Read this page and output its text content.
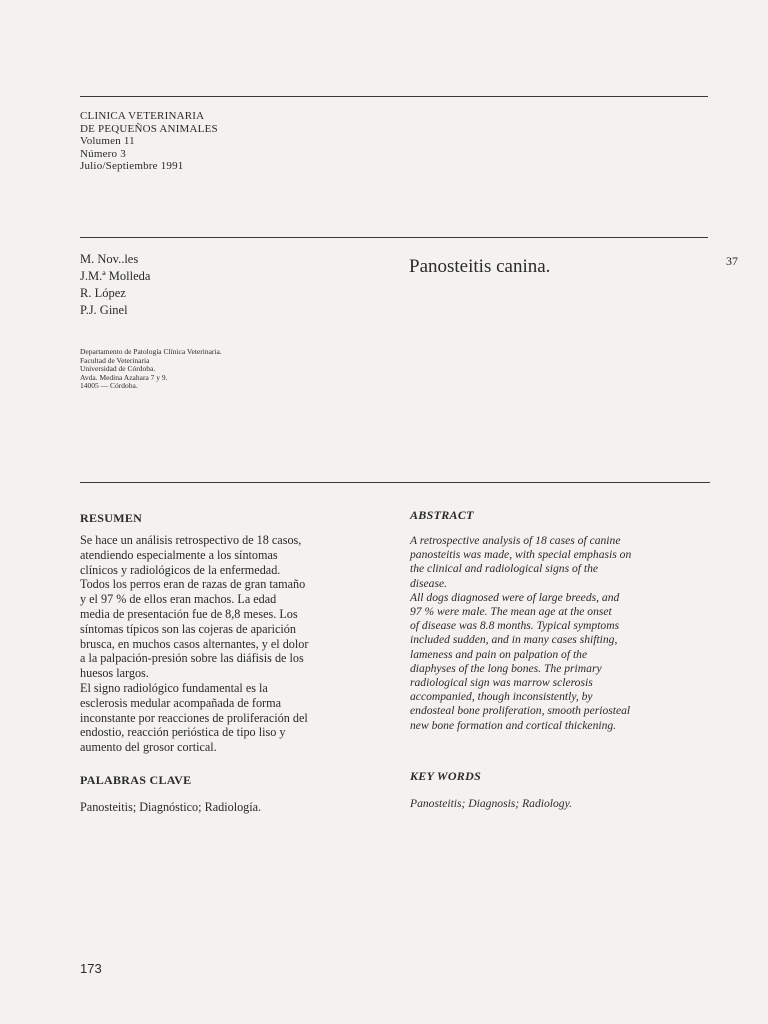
CLINICA VETERINARIA
DE PEQUEÑOS ANIMALES
Volumen 11
Número 3
Julio/Septiembre 1991
M. Nov..les
J.M.ª Molleda
R. López
P.J. Ginel
Panosteitis canina.	37
Departamento de Patología Clínica Veterinaria.
Facultad de Veterinaria
Universidad de Córdoba.
Avda. Medina Azahara 7 y 9.
14005 — Córdoba.
RESUMEN
Se hace un análisis retrospectivo de 18 casos,
atendiendo especialmente a los síntomas
clínicos y radiológicos de la enfermedad.
Todos los perros eran de razas de gran tamaño
y el 97 % de ellos eran machos. La edad
media de presentación fue de 8,8 meses. Los
síntomas típicos son las cojeras de aparición
brusca, en muchos casos alternantes, y el dolor
a la palpación-presión sobre las diáfisis de los
huesos largos.
El signo radiológico fundamental es la
esclerosis medular acompañada de forma
inconstante por reacciones de proliferación del
endostio, reacción perióstica de tipo liso y
aumento del grosor cortical.
ABSTRACT
A retrospective analysis of 18 cases of canine
panosteitis was made, with special emphasis on
the clinical and radiological signs of the
disease.
All dogs diagnosed were of large breeds, and
97 % were male. The mean age at the onset
of disease was 8.8 months. Typical symptoms
included sudden, and in many cases shifting,
lameness and pain on palpation of the
diaphyses of the long bones. The primary
radiological sign was marrow sclerosis
accompanied, though inconsistently, by
endosteal bone proliferation, smooth periosteal
new bone formation and cortical thickening.
PALABRAS CLAVE
Panosteitis; Diagnóstico; Radiología.
KEY WORDS
Panosteitis; Diagnosis; Radiology.
173
